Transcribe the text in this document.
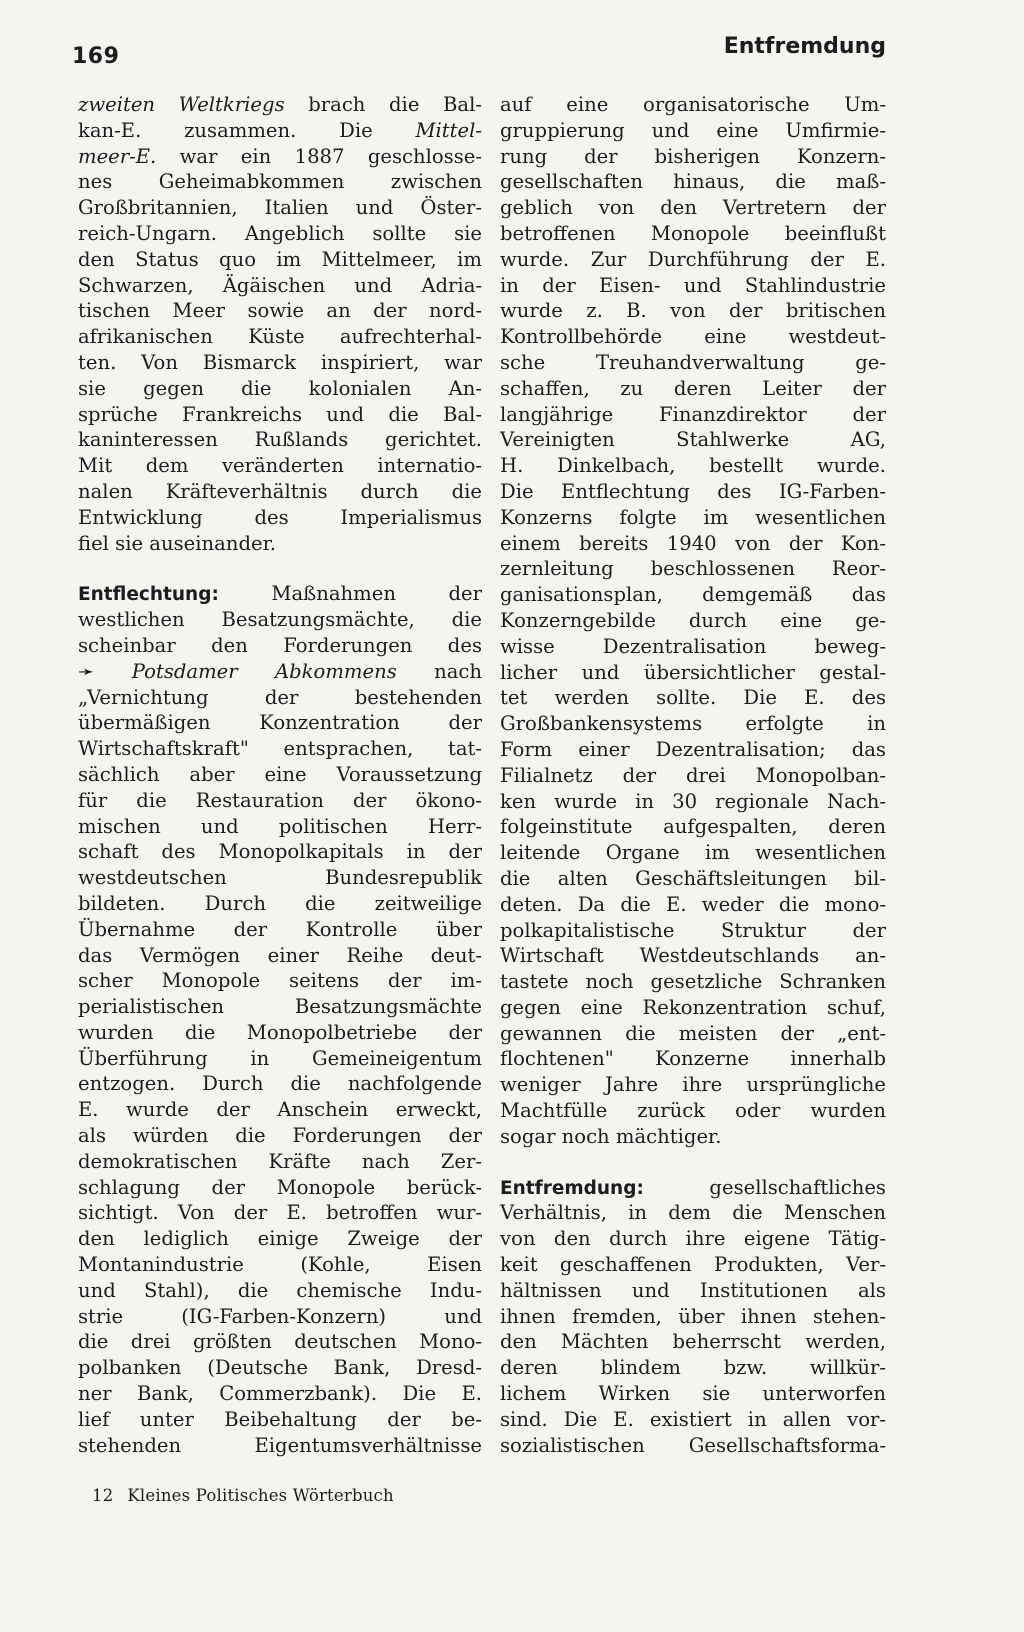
169	Entfremdung
zweiten Weltkriegs brach die Bal-
kan-E. zusammen. Die Mittel-
meer-E. war ein 1887 geschlosse-
nes Geheimabkommen zwischen
Großbritannien, Italien und Öster-
reich-Ungarn. Angeblich sollte sie
den Status quo im Mittelmeer, im
Schwarzen, Ägäischen und Adria-
tischen Meer sowie an der nord-
afrikanischen Küste aufrechterhal-
ten. Von Bismarck inspiriert, war
sie gegen die kolonialen An-
sprüche Frankreichs und die Bal-
kaninteressen Rußlands gerichtet.
Mit dem veränderten internatio-
nalen Kräfteverhältnis durch die
Entwicklung des Imperialismus
fiel sie auseinander.
Entflechtung: Maßnahmen der
westlichen Besatzungsmächte, die
scheinbar den Forderungen des
➛ Potsdamer Abkommens nach
„Vernichtung der bestehenden
übermäßigen Konzentration der
Wirtschaftskraft" entsprachen, tat-
sächlich aber eine Voraussetzung
für die Restauration der ökono-
mischen und politischen Herr-
schaft des Monopolkapitals in der
westdeutschen Bundesrepublik
bildeten. Durch die zeitweilige
Übernahme der Kontrolle über
das Vermögen einer Reihe deut-
scher Monopole seitens der im-
perialistischen Besatzungsmächte
wurden die Monopolbetriebe der
Überführung in Gemeineigentum
entzogen. Durch die nachfolgende
E. wurde der Anschein erweckt,
als würden die Forderungen der
demokratischen Kräfte nach Zer-
schlagung der Monopole berück-
sichtigt. Von der E. betroffen wur-
den lediglich einige Zweige der
Montanindustrie (Kohle, Eisen
und Stahl), die chemische Indu-
strie (IG-Farben-Konzern) und
die drei größten deutschen Mono-
polbanken (Deutsche Bank, Dresd-
ner Bank, Commerzbank). Die E.
lief unter Beibehaltung der be-
stehenden Eigentumsverhältnisse
auf eine organisatorische Um-
gruppierung und eine Umfirmie-
rung der bisherigen Konzern-
gesellschaften hinaus, die maß-
geblich von den Vertretern der
betroffenen Monopole beeinflußt
wurde. Zur Durchführung der E.
in der Eisen- und Stahlindustrie
wurde z. B. von der britischen
Kontrollbehörde eine westdeut-
sche Treuhandverwaltung ge-
schaffen, zu deren Leiter der
langjährige Finanzdirektor der
Vereinigten Stahlwerke AG,
H. Dinkelbach, bestellt wurde.
Die Entflechtung des IG-Farben-
Konzerns folgte im wesentlichen
einem bereits 1940 von der Kon-
zernleitung beschlossenen Reor-
ganisationsplan, demgemäß das
Konzerngebilde durch eine ge-
wisse Dezentralisation beweg-
licher und übersichtlicher gestal-
tet werden sollte. Die E. des
Großbankensystems erfolgte in
Form einer Dezentralisation; das
Filialnetz der drei Monopolban-
ken wurde in 30 regionale Nach-
folgeinstitute aufgespalten, deren
leitende Organe im wesentlichen
die alten Geschäftsleitungen bil-
deten. Da die E. weder die mono-
polkapitalistische Struktur der
Wirtschaft Westdeutschlands an-
tastete noch gesetzliche Schranken
gegen eine Rekonzentration schuf,
gewannen die meisten der „ent-
flochtenen" Konzerne innerhalb
weniger Jahre ihre ursprüngliche
Machtfülle zurück oder wurden
sogar noch mächtiger.
Entfremdung: gesellschaftliches
Verhältnis, in dem die Menschen
von den durch ihre eigene Tätig-
keit geschaffenen Produkten, Ver-
hältnissen und Institutionen als
ihnen fremden, über ihnen stehen-
den Mächten beherrscht werden,
deren blindem bzw. willkür-
lichem Wirken sie unterworfen
sind. Die E. existiert in allen vor-
sozialistischen Gesellschaftsforma-
12 Kleines Politisches Wörterbuch
